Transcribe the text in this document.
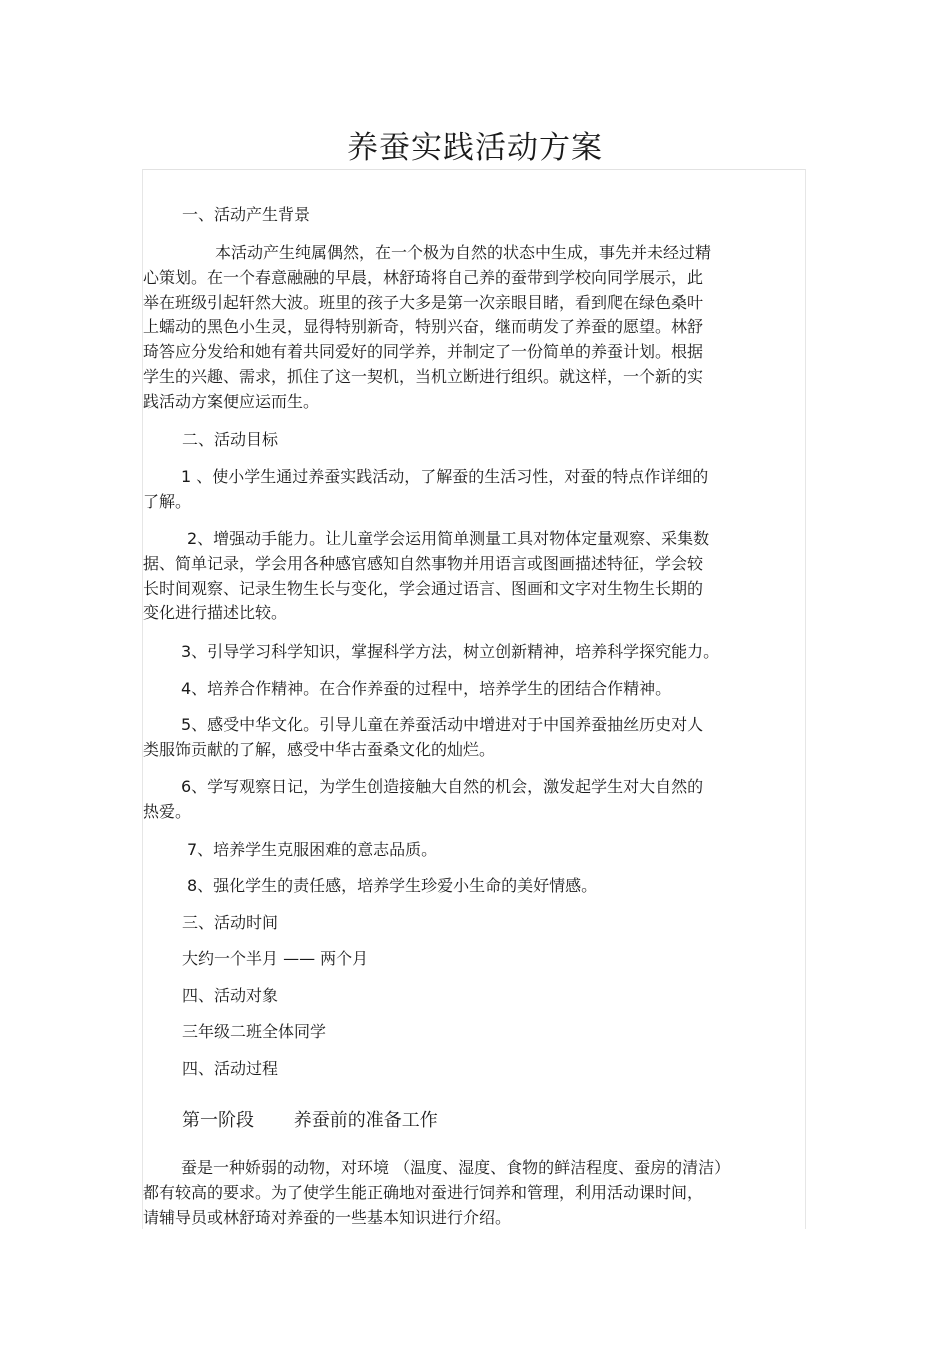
养蚕实践活动方案

一、活动产生背景

本活动产生纯属偶然，在一个极为自然的状态中生成，事先并未经过精
心策划。在一个春意融融的早晨，林舒琦将自己养的蚕带到学校向同学展示，此
举在班级引起轩然大波。班里的孩子大多是第一次亲眼目睹，看到爬在绿色桑叶
上蠕动的黑色小生灵，显得特别新奇，特别兴奋，继而萌发了养蚕的愿望。林舒
琦答应分发给和她有着共同爱好的同学养，并制定了一份简单的养蚕计划。根据
学生的兴趣、需求，抓住了这一契机，当机立断进行组织。就这样，一个新的实
践活动方案便应运而生。

二、活动目标

1 、使小学生通过养蚕实践活动，了解蚕的生活习性，对蚕的特点作详细的
了解。
2、增强动手能力。让儿童学会运用简单测量工具对物体定量观察、采集数
据、简单记录，学会用各种感官感知自然事物并用语言或图画描述特征，学会较
长时间观察、记录生物生长与变化，学会通过语言、图画和文字对生物生长期的
变化进行描述比较。

3、引导学习科学知识，掌握科学方法，树立创新精神，培养科学探究能力。

4、培养合作精神。在合作养蚕的过程中，培养学生的团结合作精神。

5、感受中华文化。引导儿童在养蚕活动中增进对于中国养蚕抽丝历史对人
类服饰贡献的了解，感受中华古蚕桑文化的灿烂。
6、学写观察日记，为学生创造接触大自然的机会，激发起学生对大自然的
热爱。

7、培养学生克服困难的意志品质。

8、强化学生的责任感，培养学生珍爱小生命的美好情感。

三、活动时间

大约一个半月 —— 两个月

四、活动对象

三年级二班全体同学

四、活动过程

第一阶段 养蚕前的准备工作
蚕是一种娇弱的动物，对环境 （温度、湿度、食物的鲜洁程度、蚕房的清洁）
都有较高的要求。为了使学生能正确地对蚕进行饲养和管理，利用活动课时间，
请辅导员或林舒琦对养蚕的一些基本知识进行介绍。
